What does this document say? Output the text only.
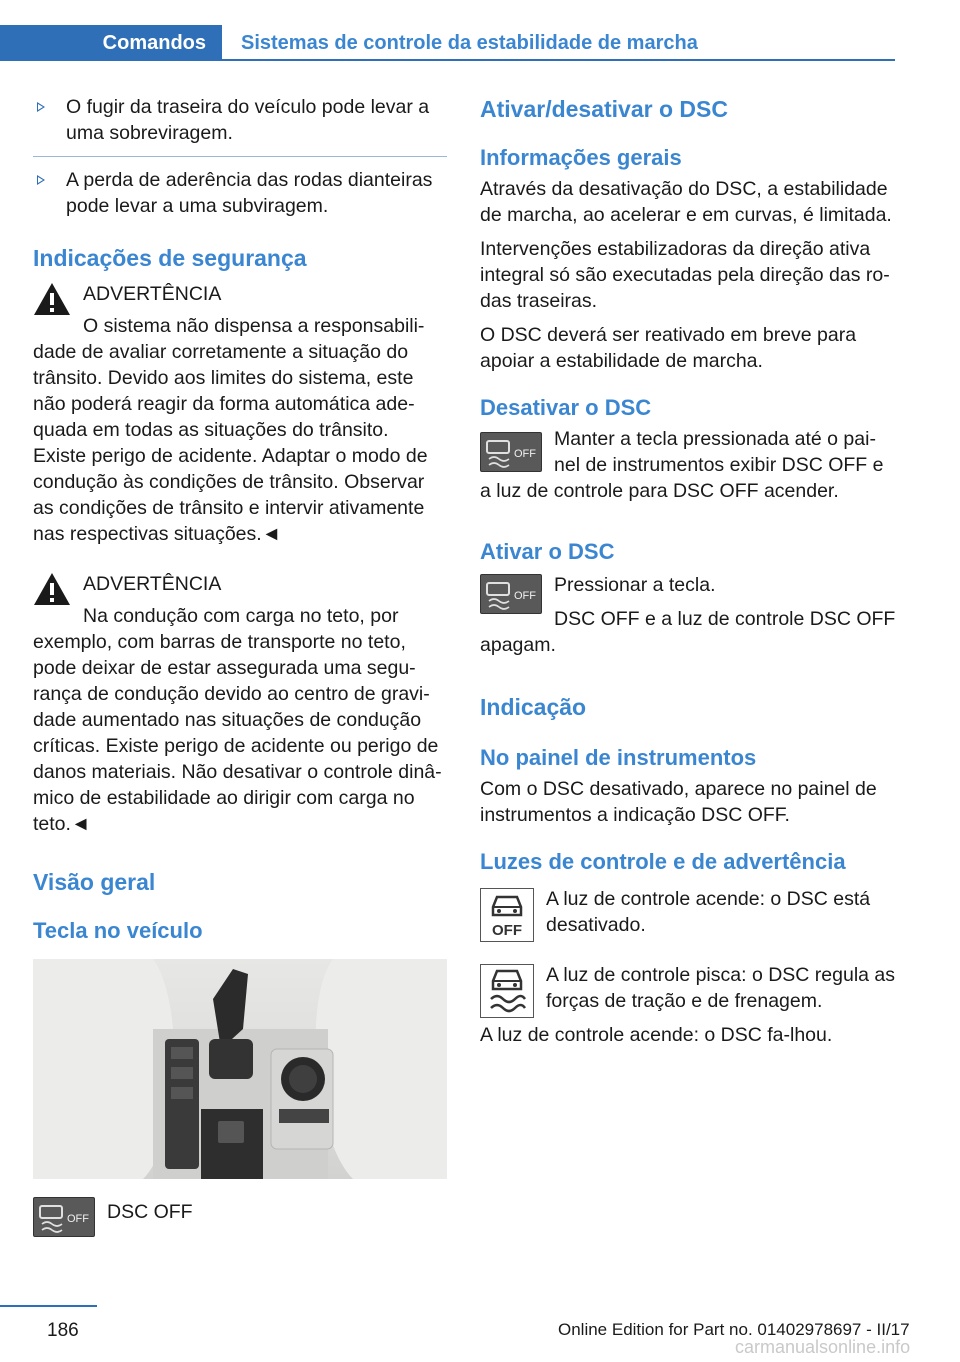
Comandos	Sistemas de controle da estabilidade de marcha

O fugir da traseira do veículo pode levar a uma sobreviragem.

A perda de aderência das rodas dianteiras pode levar a uma subviragem.

Indicações de segurança

ADVERTÊNCIA

O sistema não dispensa a responsabili‐dade de avaliar corretamente a situação do trânsito. Devido aos limites do sistema, este não poderá reagir da forma automática ade‐quada em todas as situações do trânsito. Existe perigo de acidente. Adaptar o modo de condução às condições de trânsito. Observar as condições de trânsito e intervir ativamente nas respectivas situações.◄

ADVERTÊNCIA

Na condução com carga no teto, por exemplo, com barras de transporte no teto, pode deixar de estar assegurada uma segu‐rança de condução devido ao centro de gravi‐dade aumentado nas situações de condução críticas. Existe perigo de acidente ou perigo de danos materiais. Não desativar o controle dinâ‐mico de estabilidade ao dirigir com carga no teto.◄

Visão geral
Tecla no veículo
OFF DSC OFF

Ativar/desativar o DSC
Informações gerais

Através da desativação do DSC, a estabilidade de marcha, ao acelerar e em curvas, é limitada.

Intervenções estabilizadoras da direção ativa integral só são executadas pela direção das ro‐das traseiras.

O DSC deverá ser reativado em breve para apoiar a estabilidade de marcha.

Desativar o DSC
OFF

Manter a tecla pressionada até o pai‐nel de instrumentos exibir DSC OFF e a luz de controle para DSC OFF acender.

Ativar o DSC
OFF Pressionar a tecla.

DSC OFF e a luz de controle DSC OFF apagam.

Indicação
No painel de instrumentos

Com o DSC desativado, aparece no painel de instrumentos a indicação DSC OFF.

Luzes de controle e de advertência
OFF

A luz de controle acende: o DSC está desativado.

A luz de controle pisca: o DSC regula as forças de tração e de frenagem.

A luz de controle acende: o DSC fa‐lhou.

186	Online Edition for Part no. 01402978697 - II/17
carmanualsonline.info
